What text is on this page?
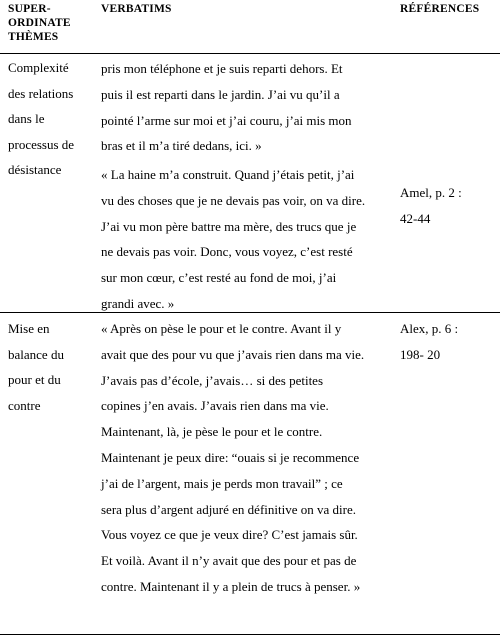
SUPER-
ORDINATE
THÈMES
VERBATIMS	RÉFÉRENCES
Complexité
des relations
dans le
processus de
désistance
pris mon téléphone et je suis reparti dehors. Et
puis il est reparti dans le jardin. J’ai vu qu’il a
pointé l’arme sur moi et j’ai couru, j’ai mis mon
bras et il m’a tiré dedans, ici. »
« La haine m’a construit. Quand j’étais petit, j’ai
vu des choses que je ne devais pas voir, on va dire.
J’ai vu mon père battre ma mère, des trucs que je
ne devais pas voir. Donc, vous voyez, c’est resté
sur mon cœur, c’est resté au fond de moi, j’ai
grandi avec. »
Amel, p. 2 :
42-44
Mise en
balance du
pour et du
contre
« Après on pèse le pour et le contre. Avant il y
avait que des pour vu que j’avais rien dans ma vie.
J’avais pas d’école, j’avais… si des petites
copines j’en avais. J’avais rien dans ma vie.
Maintenant, là, je pèse le pour et le contre.
Maintenant je peux dire: “ouais si je recommence
j’ai de l’argent, mais je perds mon travail” ; ce
sera plus d’argent adjuré en définitive on va dire.
Vous voyez ce que je veux dire? C’est jamais sûr.
Et voilà. Avant il n’y avait que des pour et pas de
contre. Maintenant il y a plein de trucs à penser. »
Alex, p. 6 :
198- 20
